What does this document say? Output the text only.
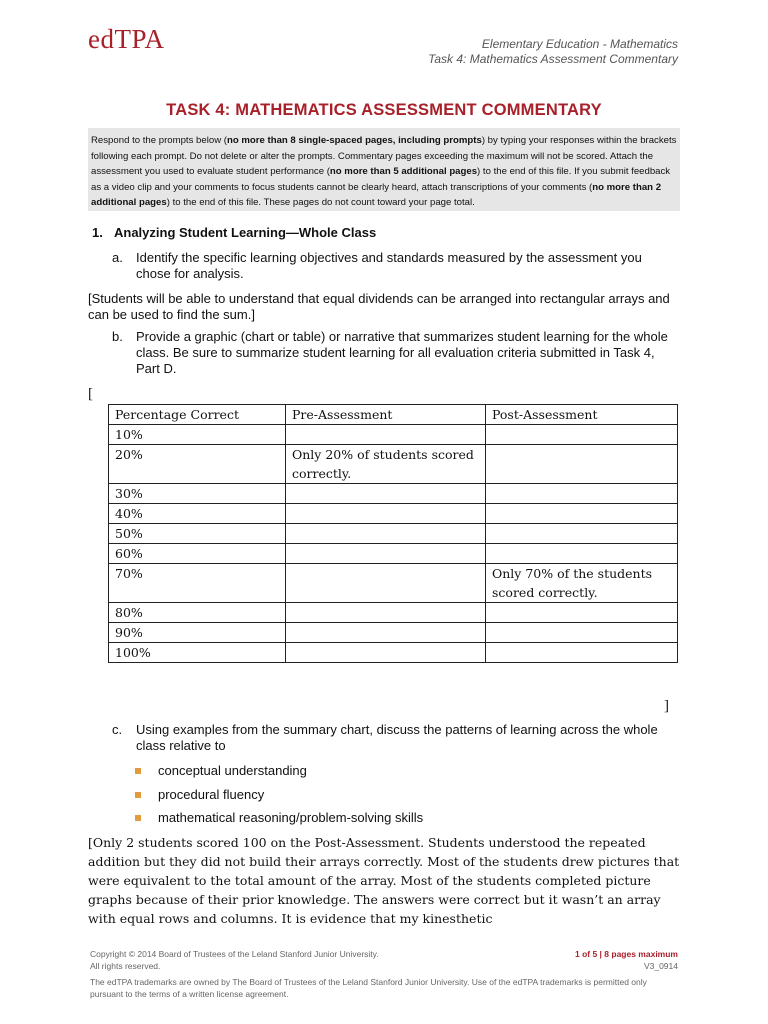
edTPA	Elementary Education - Mathematics
Task 4: Mathematics Assessment Commentary
TASK 4: MATHEMATICS ASSESSMENT COMMENTARY
Respond to the prompts below (no more than 8 single-spaced pages, including prompts) by typing your responses within the brackets following each prompt. Do not delete or alter the prompts. Commentary pages exceeding the maximum will not be scored. Attach the assessment you used to evaluate student performance (no more than 5 additional pages) to the end of this file. If you submit feedback as a video clip and your comments to focus students cannot be clearly heard, attach transcriptions of your comments (no more than 2 additional pages) to the end of this file. These pages do not count toward your page total.
1. Analyzing Student Learning—Whole Class
a.	Identify the specific learning objectives and standards measured by the assessment you chose for analysis.
[Students will be able to understand that equal dividends can be arranged into rectangular arrays and can be used to find the sum.]
b.	Provide a graphic (chart or table) or narrative that summarizes student learning for the whole class. Be sure to summarize student learning for all evaluation criteria submitted in Task 4, Part D.
[
Percentage Correct	Pre-Assessment	Post-Assessment
10%		
20%	Only 20% of students scored correctly.	
30%		
40%		
50%		
60%		
70%		Only 70% of the students scored correctly.
80%		
90%		
100%		
]
c.	Using examples from the summary chart, discuss the patterns of learning across the whole class relative to
conceptual understanding
procedural fluency
mathematical reasoning/problem-solving skills
[Only 2 students scored 100 on the Post-Assessment. Students understood the repeated addition but they did not build their arrays correctly. Most of the students drew pictures that were equivalent to the total amount of the array. Most of the students completed picture graphs because of their prior knowledge. The answers were correct but it wasn’t an array with equal rows and columns. It is evidence that my kinesthetic
Copyright © 2014 Board of Trustees of the Leland Stanford Junior University.
All rights reserved.
1 of 5 | 8 pages maximum
V3_0914
The edTPA trademarks are owned by The Board of Trustees of the Leland Stanford Junior University. Use of the edTPA trademarks is permitted only pursuant to the terms of a written license agreement.
